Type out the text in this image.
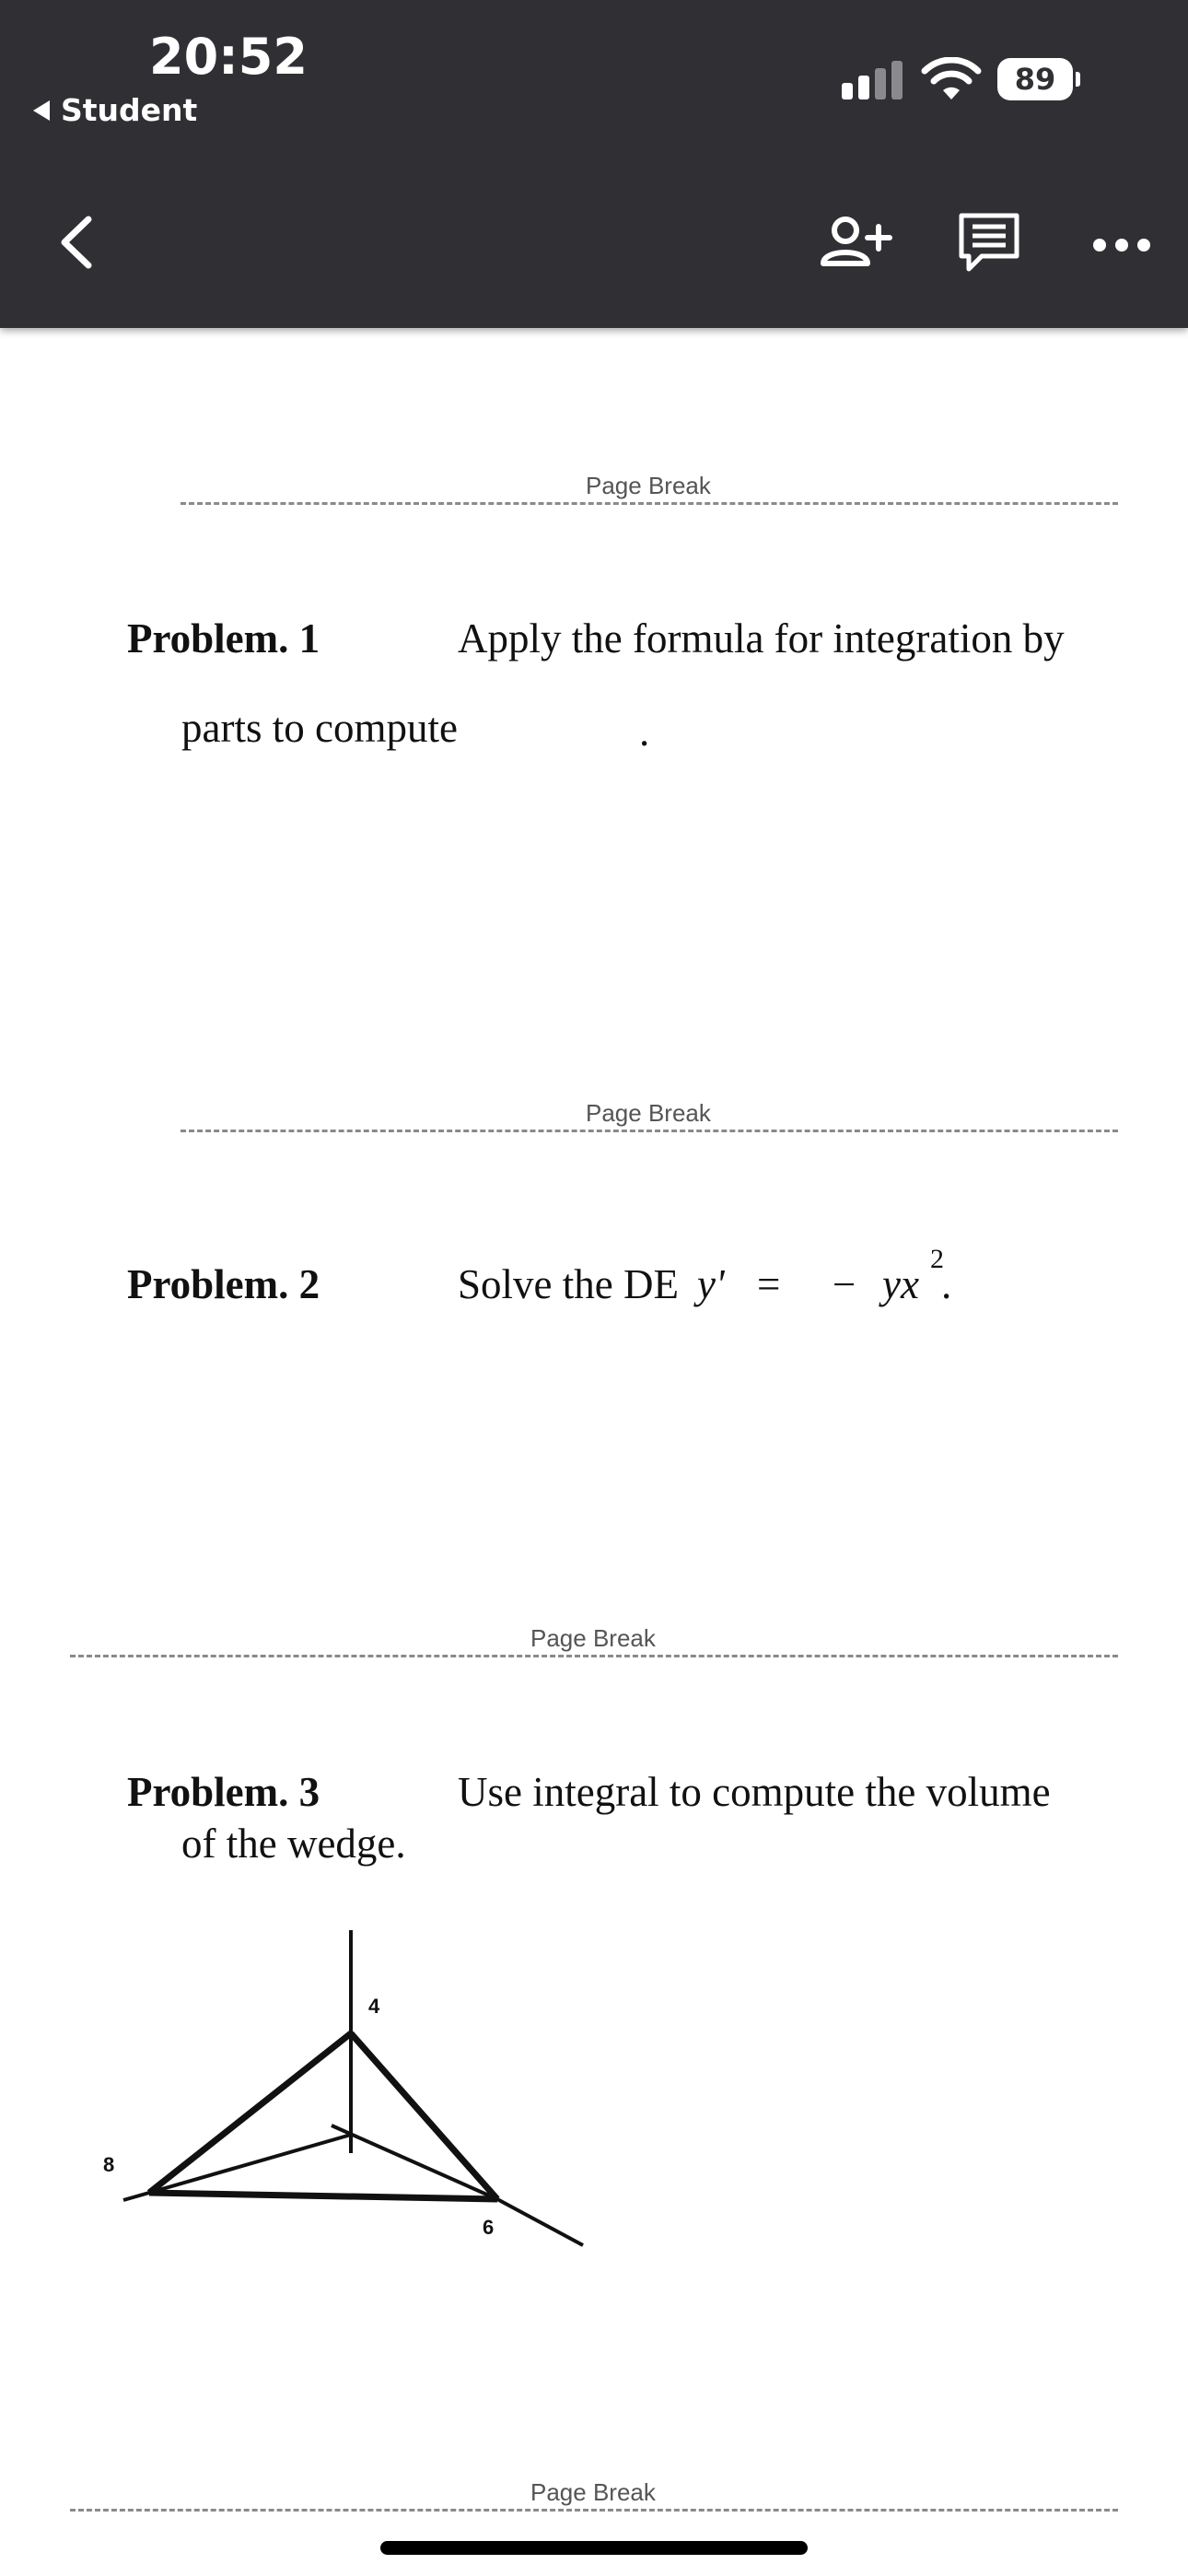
20:52
Student
89
Page Break
Problem. 1	Apply the formula for integration by
parts to compute	.
Page Break
Problem. 2	Solve the DE y' = − yx
2
.
Page Break
Problem. 3	Use integral to compute the volume
of the wedge.
4
8
6
Page Break
